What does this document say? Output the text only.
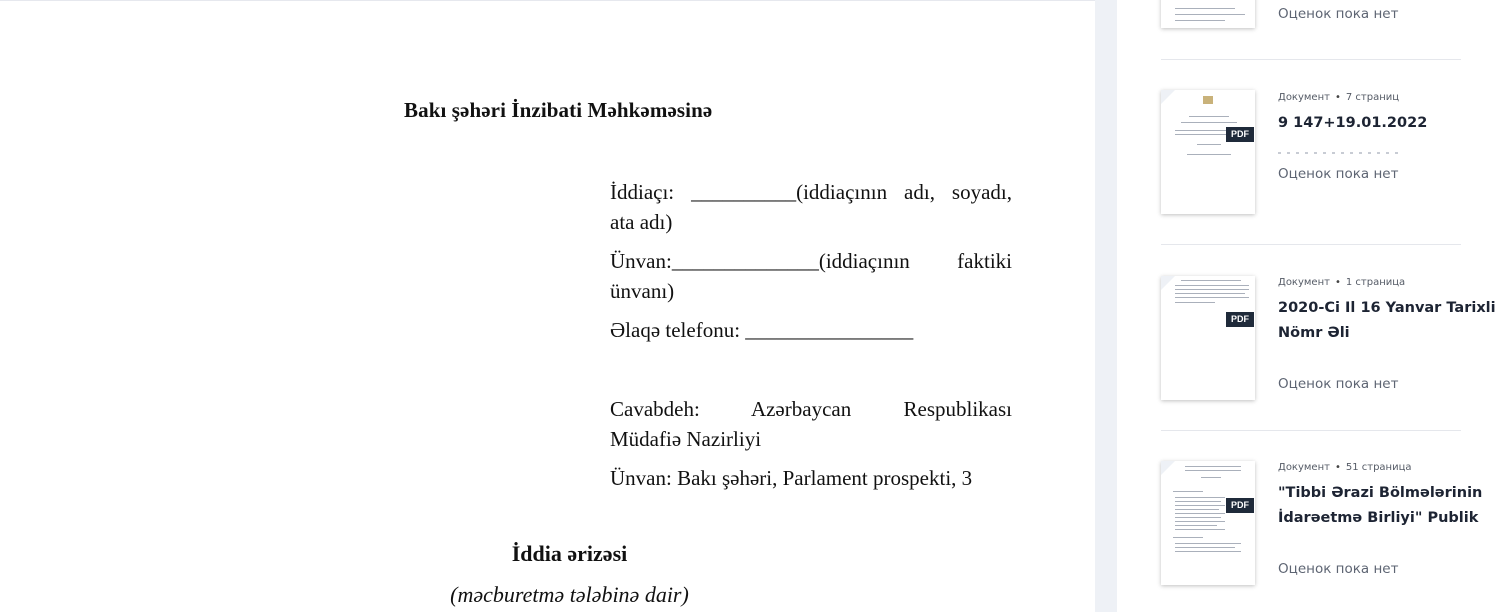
Bakı şəhəri İnzibati Məhkəməsinə
İddiaçı: __________(iddiaçının adı, soyadı,
ata adı)
Ünvan:______________(iddiaçının faktiki
ünvanı)
Əlaqə telefonu: ________________
Cavabdeh: Azərbaycan Respublikası
Müdafiə Nazirliyi
Ünvan: Bakı şəhəri, Parlament prospekti, 3
İddia ərizəsi
(məcburetmə tələbinə dair)
Оценок пока нет
PDF
Документ • 7 страниц
9 147+19.01.2022
Оценок пока нет
PDF
Документ • 1 страница
2020-Ci Il 16 Yanvar Tarixli
Nömr Əli
Оценок пока нет
PDF
Документ • 51 страница
"Tibbi Ərazi Bölmələrinin
İdarəetmə Birliyi" Publik
Оценок пока нет
